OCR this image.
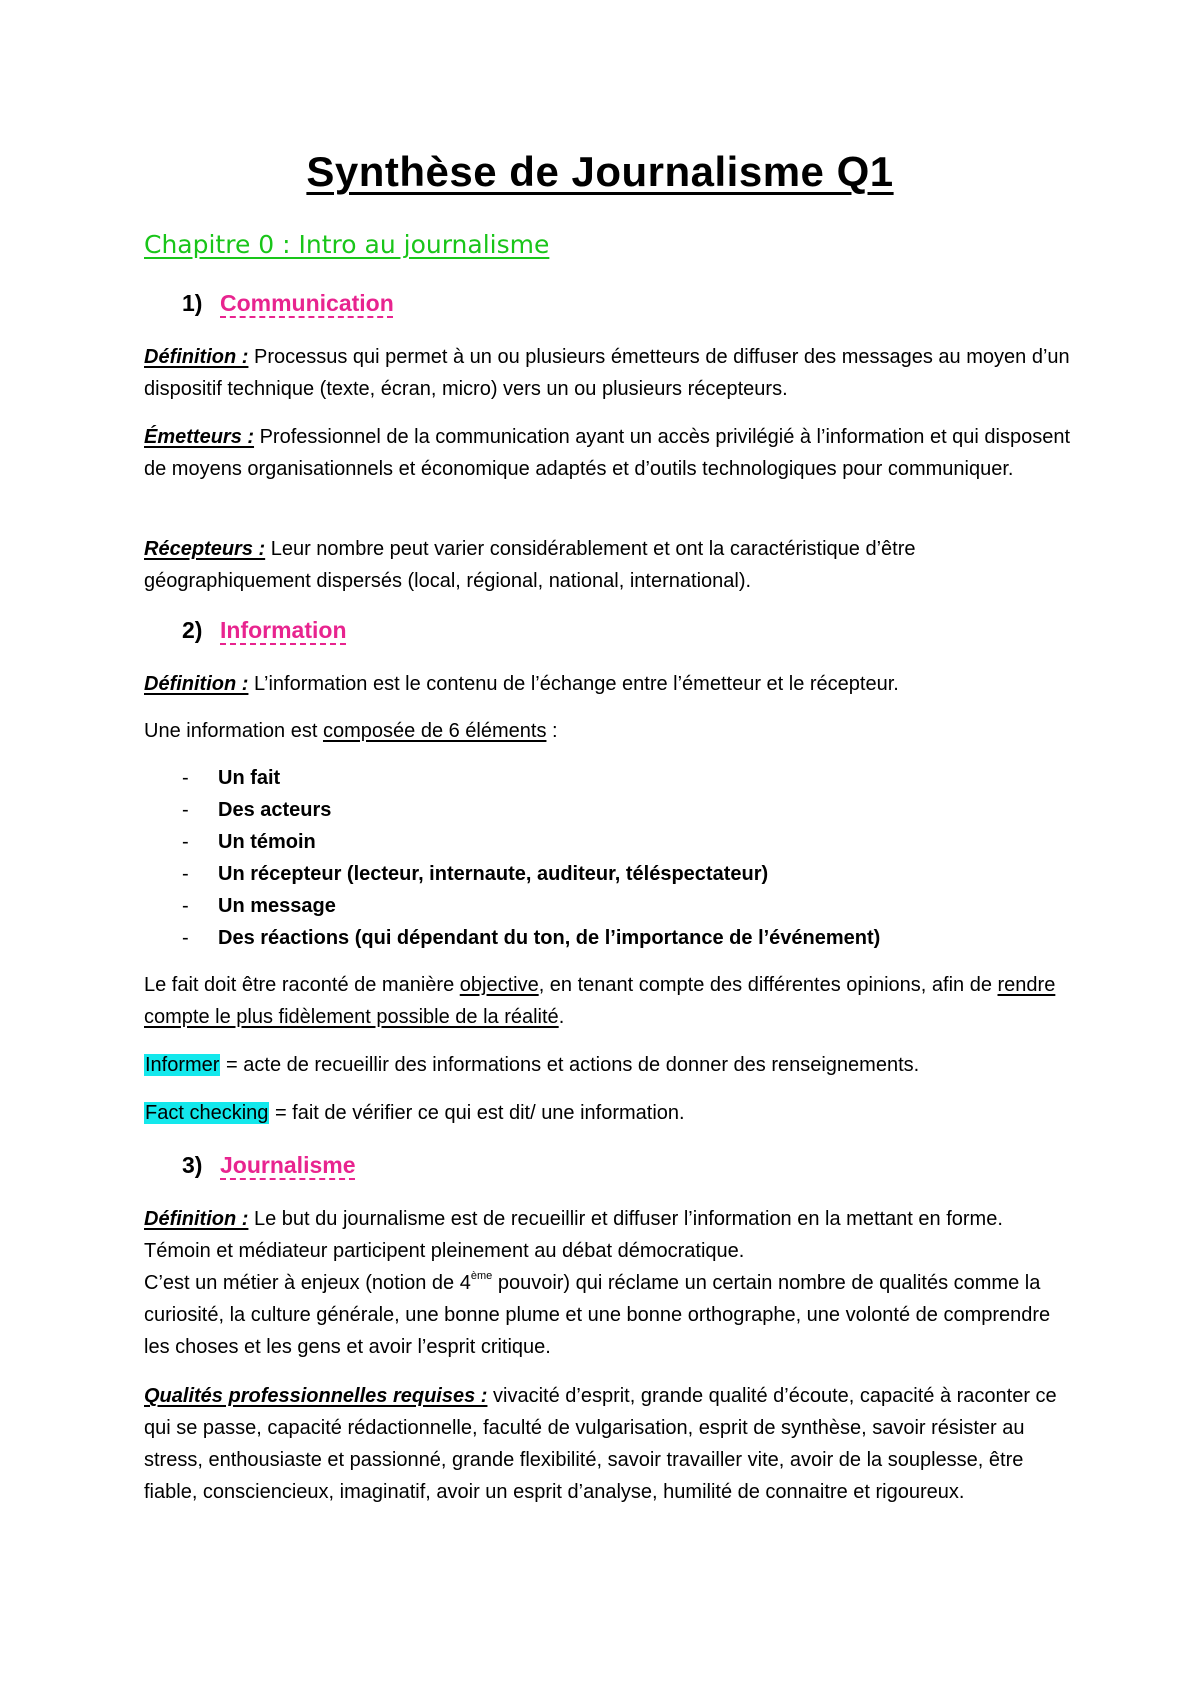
Synthèse de Journalisme Q1
Chapitre 0 : Intro au journalisme
1) Communication

Définition : Processus qui permet à un ou plusieurs émetteurs de diffuser des messages au moyen d’un dispositif technique (texte, écran, micro) vers un ou plusieurs récepteurs.

Émetteurs : Professionnel de la communication ayant un accès privilégié à l’information et qui disposent de moyens organisationnels et économique adaptés et d’outils technologiques pour communiquer.

Récepteurs : Leur nombre peut varier considérablement et ont la caractéristique d’être géographiquement dispersés (local, régional, national, international).

2) Information

Définition : L’information est le contenu de l’échange entre l’émetteur et le récepteur.

Une information est composée de 6 éléments :

-	Un fait
-	Des acteurs
-	Un témoin
-	Un récepteur (lecteur, internaute, auditeur, téléspectateur)
-	Un message
-	Des réactions (qui dépendant du ton, de l’importance de l’événement)

Le fait doit être raconté de manière objective, en tenant compte des différentes opinions, afin de rendre compte le plus fidèlement possible de la réalité.

Informer = acte de recueillir des informations et actions de donner des renseignements.

Fact checking = fait de vérifier ce qui est dit/ une information.

3) Journalisme

Définition : Le but du journalisme est de recueillir et diffuser l’information en la mettant en forme. Témoin et médiateur participent pleinement au débat démocratique.
C’est un métier à enjeux (notion de 4ème pouvoir) qui réclame un certain nombre de qualités comme la curiosité, la culture générale, une bonne plume et une bonne orthographe, une volonté de comprendre les choses et les gens et avoir l’esprit critique.

Qualités professionnelles requises : vivacité d’esprit, grande qualité d’écoute, capacité à raconter ce qui se passe, capacité rédactionnelle, faculté de vulgarisation, esprit de synthèse, savoir résister au stress, enthousiaste et passionné, grande flexibilité, savoir travailler vite, avoir de la souplesse, être fiable, consciencieux, imaginatif, avoir un esprit d’analyse, humilité de connaitre et rigoureux.
